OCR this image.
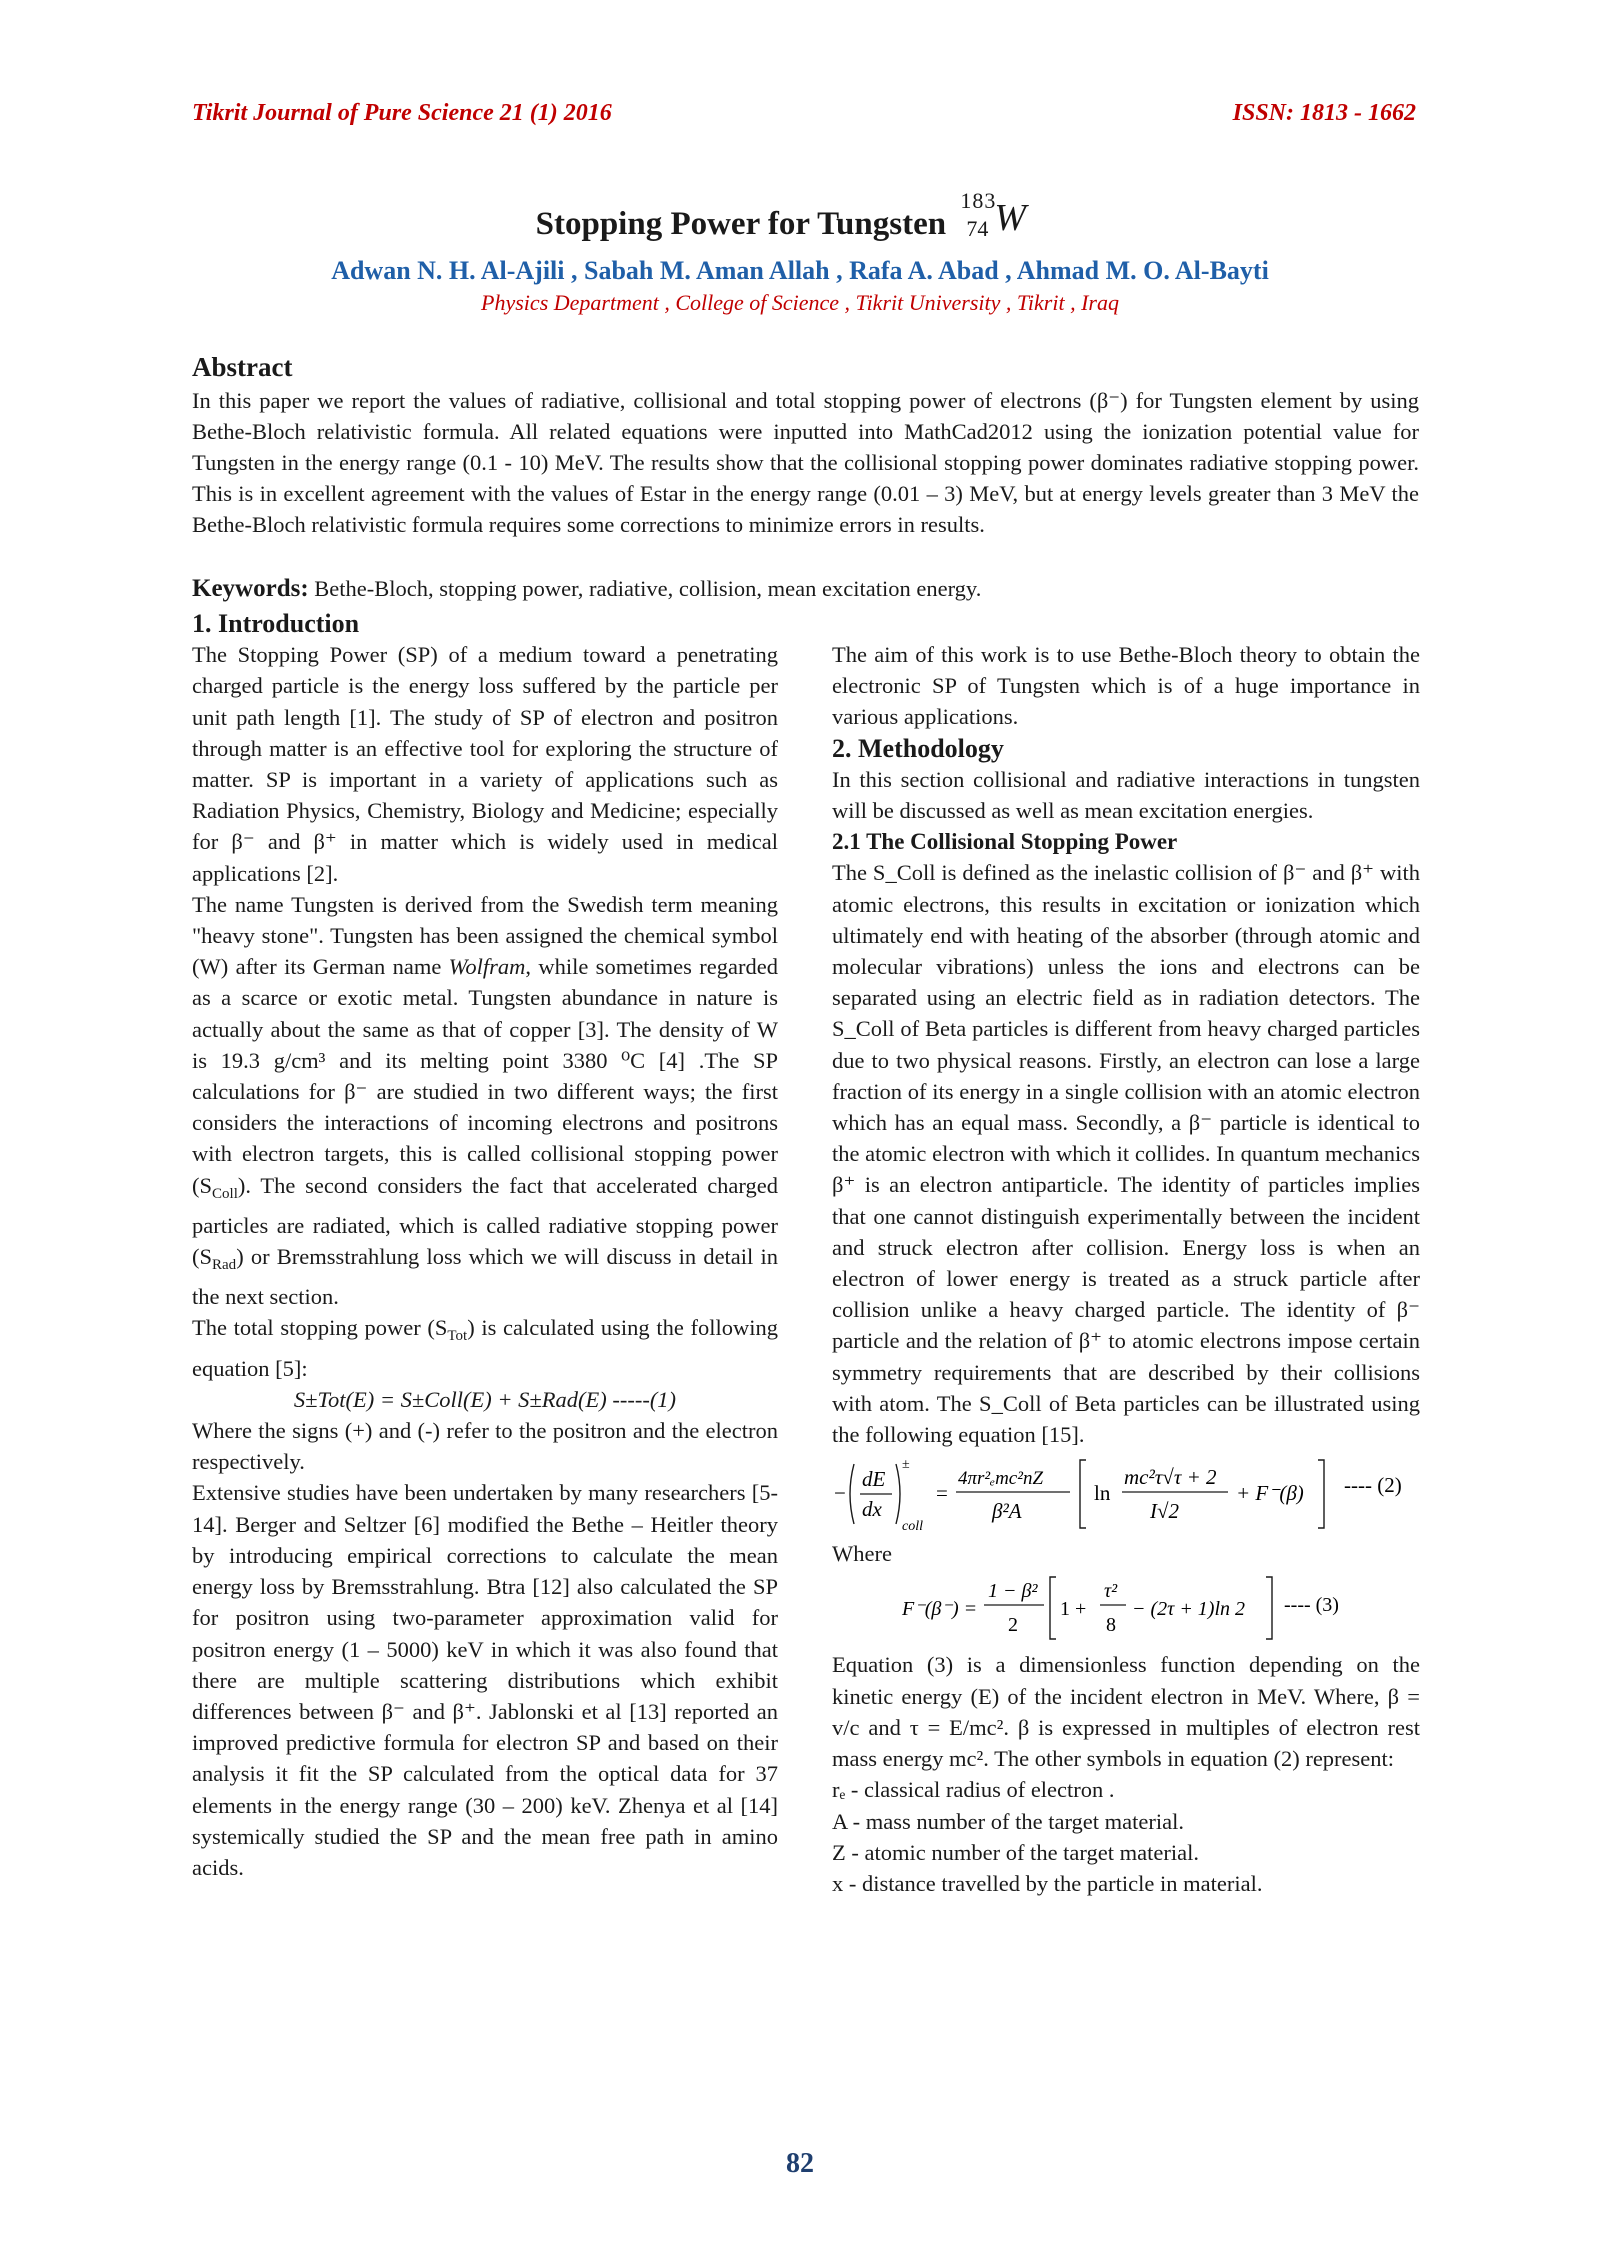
Tikrit Journal of Pure Science 21 (1) 2016	ISSN: 1813 - 1662
Stopping Power for Tungsten
183
74 W
Adwan N. H. Al-Ajili , Sabah M. Aman Allah , Rafa A. Abad , Ahmad M. O. Al-Bayti
Physics Department , College of Science , Tikrit University , Tikrit , Iraq
Abstract
In this paper we report the values of radiative, collisional and total stopping power of electrons (β⁻) for Tungsten element by using Bethe-Bloch relativistic formula. All related equations were inputted into MathCad2012 using the ionization potential value for Tungsten in the energy range (0.1 - 10) MeV. The results show that the collisional stopping power dominates radiative stopping power. This is in excellent agreement with the values of Estar in the energy range (0.01 – 3) MeV, but at energy levels greater than 3 MeV the Bethe-Bloch relativistic formula requires some corrections to minimize errors in results.
Keywords: Bethe-Bloch, stopping power, radiative, collision, mean excitation energy.

1. Introduction

The Stopping Power (SP) of a medium toward a penetrating charged particle is the energy loss suffered by the particle per unit path length [1]. The study of SP of electron and positron through matter is an effective tool for exploring the structure of matter. SP is important in a variety of applications such as Radiation Physics, Chemistry, Biology and Medicine; especially for β⁻ and β⁺ in matter which is widely used in medical applications [2].

The name Tungsten is derived from the Swedish term meaning "heavy stone". Tungsten has been assigned the chemical symbol (W) after its German name Wolfram, while sometimes regarded as a scarce or exotic metal. Tungsten abundance in nature is actually about the same as that of copper [3]. The density of W is 19.3 g/cm³ and its melting point 3380 ⁰C [4] .The SP calculations for β⁻ are studied in two different ways; the first considers the interactions of incoming electrons and positrons with electron targets, this is called collisional stopping power $(S_{Coll})$. The second considers the fact that accelerated charged particles are radiated, which is called radiative stopping power $(S_{Rad})$ or Bremsstrahlung loss which we will discuss in detail in the next section.

The total stopping power $(S_{Tot})$ is calculated using the following equation [5]:

S±Tot(E) = S±Coll(E) + S±Rad(E) -----(1)

Where the signs (+) and (-) refer to the positron and the electron respectively.

Extensive studies have been undertaken by many researchers [5-14]. Berger and Seltzer [6] modified the Bethe – Heitler theory by introducing empirical corrections to calculate the mean energy loss by Bremsstrahlung. Btra [12] also calculated the SP for positron using two-parameter approximation valid for positron energy (1 – 5000) keV in which it was also found that there are multiple scattering distributions which exhibit differences between β⁻ and β⁺. Jablonski et al [13] reported an improved predictive formula for electron SP and based on their analysis it fit the SP calculated from the optical data for 37 elements in the energy range (30 – 200) keV. Zhenya et al [14] systemically studied the SP and the mean free path in amino acids.

The aim of this work is to use Bethe-Bloch theory to obtain the electronic SP of Tungsten which is of a huge importance in various applications.

2. Methodology

In this section collisional and radiative interactions in tungsten will be discussed as well as mean excitation energies.

2.1 The Collisional Stopping Power

The S_Coll is defined as the inelastic collision of β⁻ and β⁺ with atomic electrons, this results in excitation or ionization which ultimately end with heating of the absorber (through atomic and molecular vibrations) unless the ions and electrons can be separated using an electric field as in radiation detectors. The S_Coll of Beta particles is different from heavy charged particles due to two physical reasons. Firstly, an electron can lose a large fraction of its energy in a single collision with an atomic electron which has an equal mass. Secondly, a β⁻ particle is identical to the atomic electron with which it collides. In quantum mechanics β⁺ is an electron antiparticle. The identity of particles implies that one cannot distinguish experimentally between the incident and struck electron after collision. Energy loss is when an electron of lower energy is treated as a struck particle after collision unlike a heavy charged particle. The identity of β⁻ particle and the relation of β⁺ to atomic electrons impose certain symmetry requirements that are described by their collisions with atom. The S_Coll of Beta particles can be illustrated using the following equation [15].

−
dE
dx
±
coll
=
4πr²ₑmc²nZ
β²A
ln
mc²τ√τ + 2
I√2
+ F⁻(β) ---- (2)

Where

F⁻(β⁻) =
1 − β²
2
1 +
τ²
8
− (2τ + 1)ln 2 ---- (3)

Equation (3) is a dimensionless function depending on the kinetic energy (E) of the incident electron in MeV. Where, β = v/c and τ = E/mc². β is expressed in multiples of electron rest mass energy mc². The other symbols in equation (2) represent:

rₑ - classical radius of electron .

A - mass number of the target material.

Z - atomic number of the target material.

x - distance travelled by the particle in material.

82
